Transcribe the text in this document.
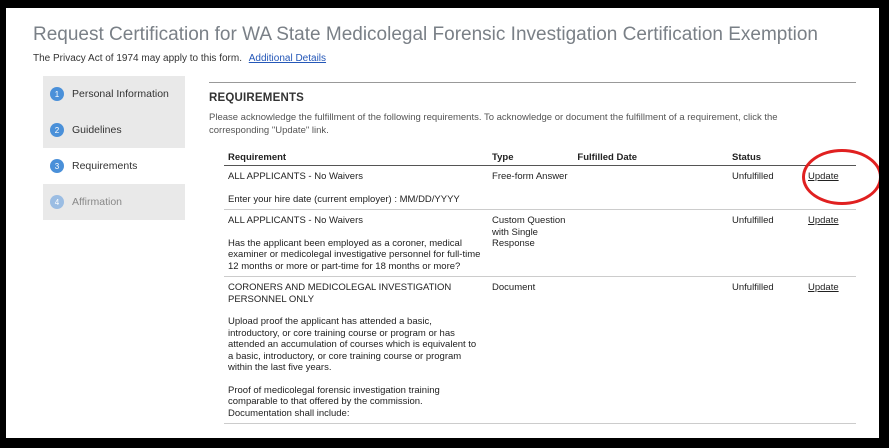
Request Certification for WA State Medicolegal Forensic Investigation Certification Exemption
The Privacy Act of 1974 may apply to this form. Additional Details
1	Personal Information
2	Guidelines
3	Requirements
4	Affirmation
REQUIREMENTS
Please acknowledge the fulfillment of the following requirements. To acknowledge or document the fulfillment of a requirement, click the corresponding "Update" link.
Requirement	Type	Fulfilled Date	Status	

ALL APPLICANTS - No Waivers

Enter your hire date (current employer) : MM/DD/YYYY	Free-form Answer		Unfulfilled	Update

ALL APPLICANTS - No Waivers

Has the applicant been employed as a coroner, medical examiner or medicolegal investigative personnel for full-time 12 months or more or part-time for 18 months or more?	Custom Question with Single Response		Unfulfilled	Update

CORONERS AND MEDICOLEGAL INVESTIGATION PERSONNEL ONLY

Upload proof the applicant has attended a basic, introductory, or core training course or program or has attended an accumulation of courses which is equivalent to a basic, introductory, or core training course or program within the last five years.

Proof of medicolegal forensic investigation training comparable to that offered by the commission. Documentation shall include:	Document		Unfulfilled	Update
